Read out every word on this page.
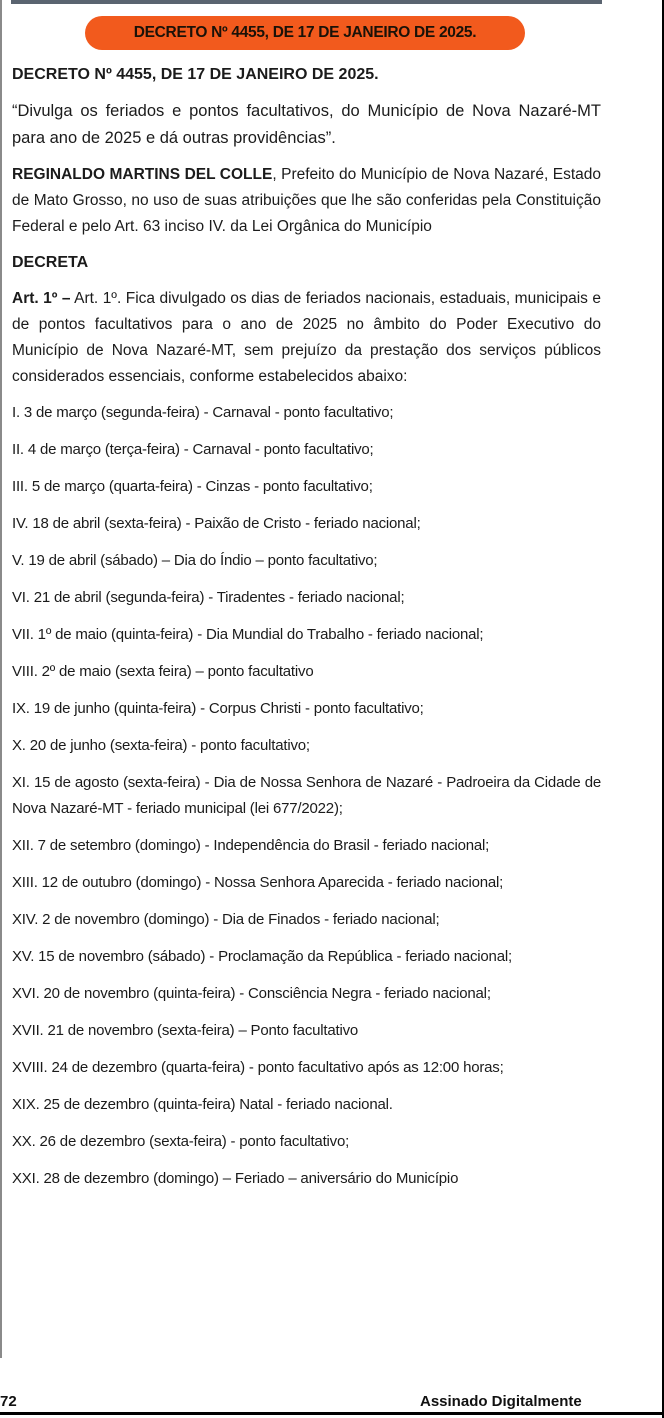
DECRETO Nº 4455, DE 17 DE JANEIRO DE 2025.

DECRETO Nº 4455, DE 17 DE JANEIRO DE 2025.

“Divulga os feriados e pontos facultativos, do Município de Nova Nazaré-MT para ano de 2025 e dá outras providências”.

REGINALDO MARTINS DEL COLLE, Prefeito do Município de Nova Nazaré, Estado de Mato Grosso, no uso de suas atribuições que lhe são conferidas pela Constituição Federal e pelo Art. 63 inciso IV. da Lei Orgânica do Município

DECRETA

Art. 1º – Art. 1º. Fica divulgado os dias de feriados nacionais, estaduais, municipais e de pontos facultativos para o ano de 2025 no âmbito do Poder Executivo do Município de Nova Nazaré-MT, sem prejuízo da prestação dos serviços públicos considerados essenciais, conforme estabelecidos abaixo:

I. 3 de março (segunda-feira) - Carnaval - ponto facultativo;

II. 4 de março (terça-feira) - Carnaval - ponto facultativo;

III. 5 de março (quarta-feira) - Cinzas - ponto facultativo;

IV. 18 de abril (sexta-feira) - Paixão de Cristo - feriado nacional;

V. 19 de abril (sábado) – Dia do Índio – ponto facultativo;

VI. 21 de abril (segunda-feira) - Tiradentes - feriado nacional;

VII. 1º de maio (quinta-feira) - Dia Mundial do Trabalho - feriado nacional;

VIII. 2º de maio (sexta feira) – ponto facultativo

IX. 19 de junho (quinta-feira) - Corpus Christi - ponto facultativo;

X. 20 de junho (sexta-feira) - ponto facultativo;

XI. 15 de agosto (sexta-feira) - Dia de Nossa Senhora de Nazaré - Padroeira da Cidade de Nova Nazaré-MT - feriado municipal (lei 677/2022);

XII. 7 de setembro (domingo) - Independência do Brasil - feriado nacional;

XIII. 12 de outubro (domingo) - Nossa Senhora Aparecida - feriado nacional;

XIV. 2 de novembro (domingo) - Dia de Finados - feriado nacional;

XV. 15 de novembro (sábado) - Proclamação da República - feriado nacional;

XVI. 20 de novembro (quinta-feira) - Consciência Negra - feriado nacional;

XVII. 21 de novembro (sexta-feira) – Ponto facultativo

XVIII. 24 de dezembro (quarta-feira) - ponto facultativo após as 12:00 horas;

XIX. 25 de dezembro (quinta-feira) Natal - feriado nacional.

XX. 26 de dezembro (sexta-feira) - ponto facultativo;

XXI. 28 de dezembro (domingo) – Feriado – aniversário do Município

72	Assinado Digitalmente
